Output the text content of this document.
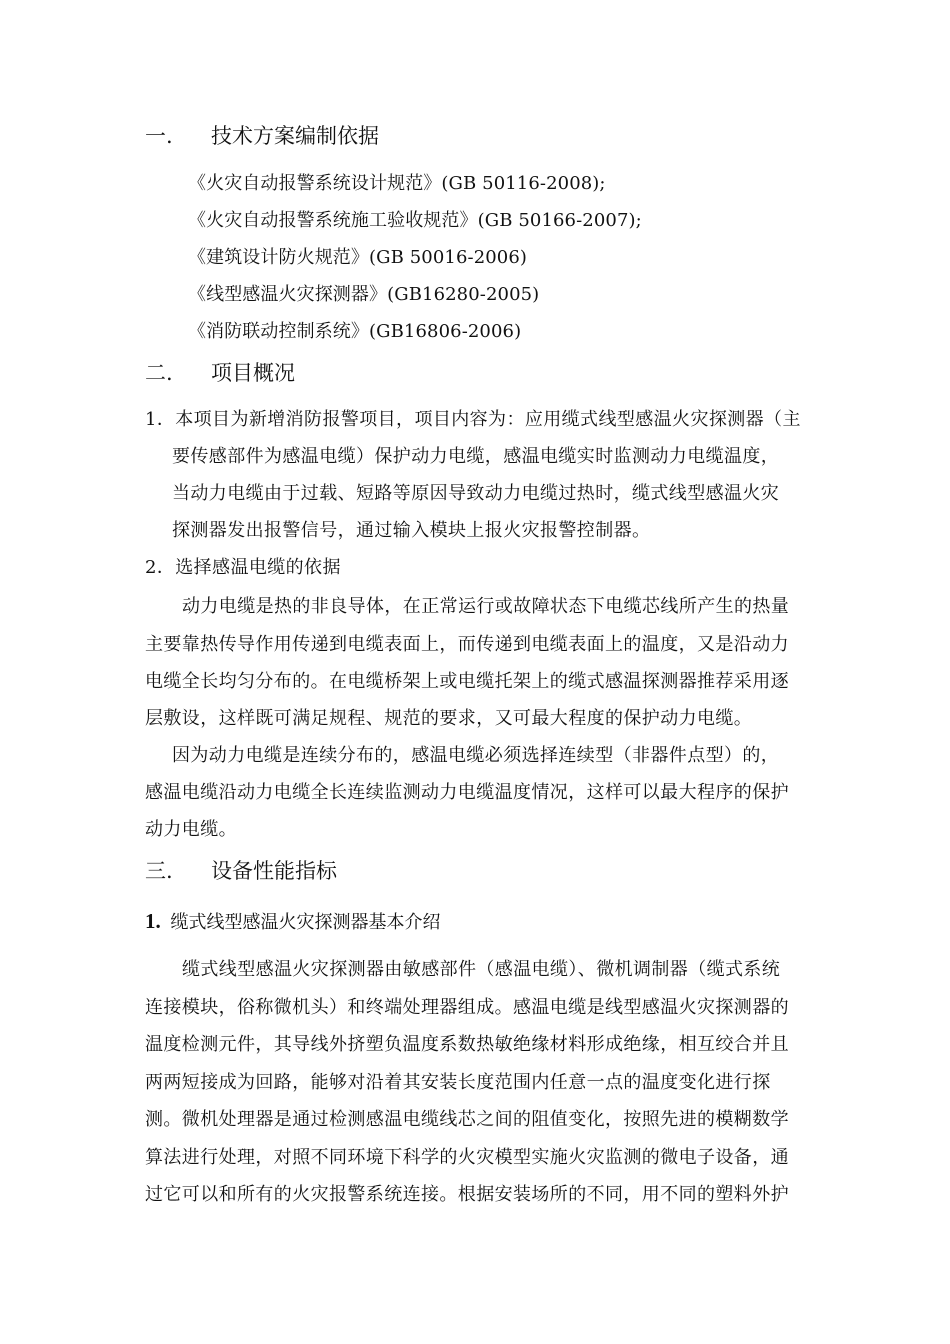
一. 技术方案编制依据
《火灾自动报警系统设计规范》(GB 50116-2008);
《火灾自动报警系统施工验收规范》(GB 50166-2007);
《建筑设计防火规范》(GB 50016-2006)
《线型感温火灾探测器》(GB16280-2005)
《消防联动控制系统》(GB16806-2006)
二. 项目概况
1．本项目为新增消防报警项目，项目内容为：应用缆式线型感温火灾探测器（主
要传感部件为感温电缆）保护动力电缆，感温电缆实时监测动力电缆温度，
当动力电缆由于过载、短路等原因导致动力电缆过热时，缆式线型感温火灾
探测器发出报警信号，通过输入模块上报火灾报警控制器。
2．选择感温电缆的依据
动力电缆是热的非良导体，在正常运行或故障状态下电缆芯线所产生的热量
主要靠热传导作用传递到电缆表面上，而传递到电缆表面上的温度，又是沿动力
电缆全长均匀分布的。在电缆桥架上或电缆托架上的缆式感温探测器推荐采用逐
层敷设，这样既可满足规程、规范的要求，又可最大程度的保护动力电缆。
因为动力电缆是连续分布的，感温电缆必须选择连续型（非器件点型）的，
感温电缆沿动力电缆全长连续监测动力电缆温度情况，这样可以最大程序的保护
动力电缆。
三. 设备性能指标
1. 缆式线型感温火灾探测器基本介绍
缆式线型感温火灾探测器由敏感部件（感温电缆）、微机调制器（缆式系统
连接模块，俗称微机头）和终端处理器组成。感温电缆是线型感温火灾探测器的
温度检测元件，其导线外挤塑负温度系数热敏绝缘材料形成绝缘，相互绞合并且
两两短接成为回路，能够对沿着其安装长度范围内任意一点的温度变化进行探
测。微机处理器是通过检测感温电缆线芯之间的阻值变化，按照先进的模糊数学
算法进行处理，对照不同环境下科学的火灾模型实施火灾监测的微电子设备，通
过它可以和所有的火灾报警系统连接。根据安装场所的不同，用不同的塑料外护
